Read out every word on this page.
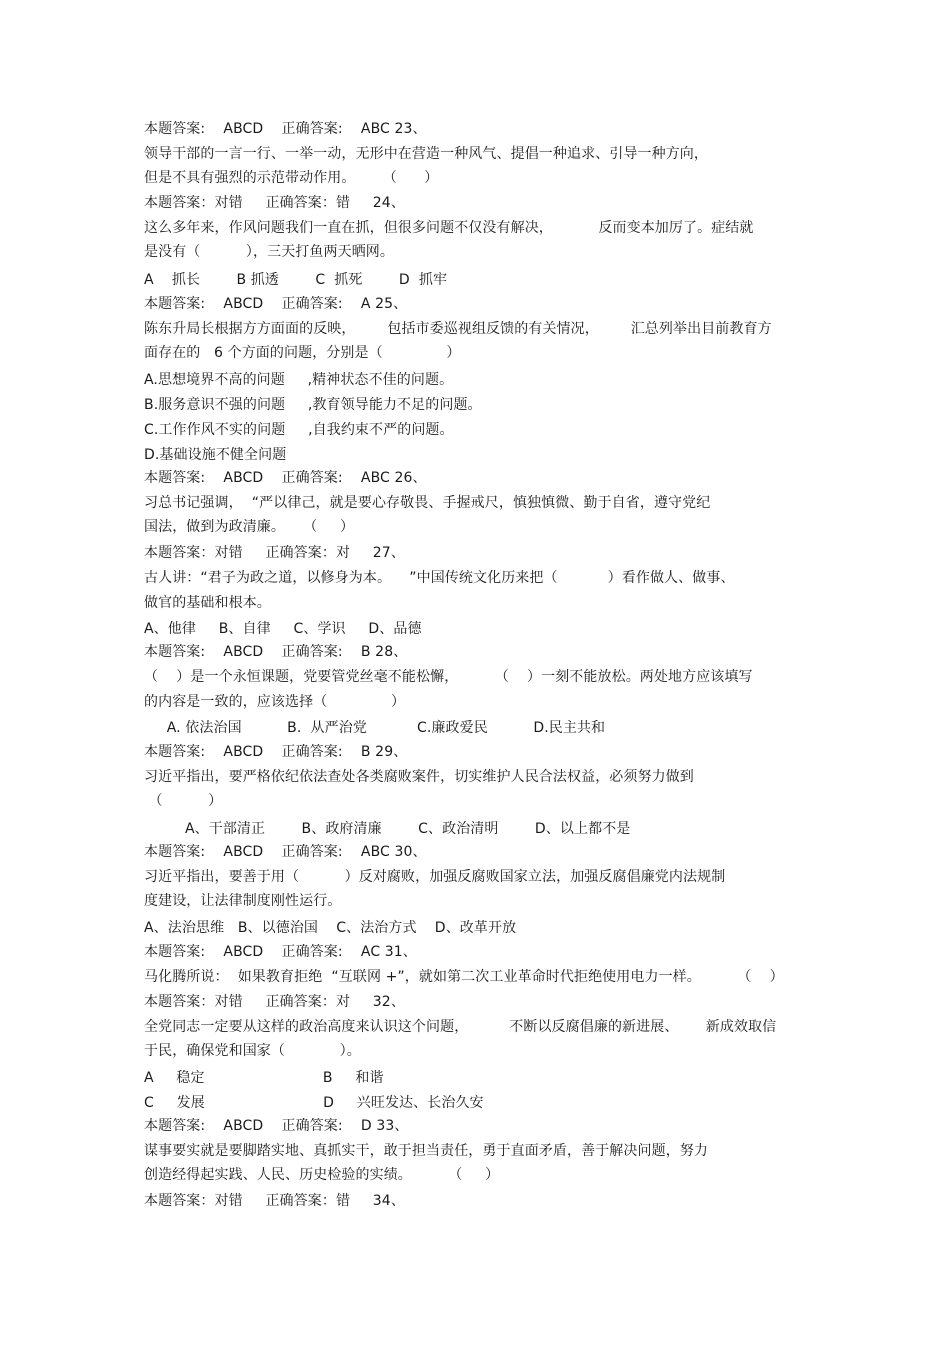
本题答案:    ABCD    正确答案:    ABC 23、
领导干部的一言一行、一举一动，无形中在营造一种风气、提倡一种追求、引导一种方向，
但是不具有强烈的示范带动作用。      （      ）
本题答案：对错     正确答案：错     24、
这么多年来，作风问题我们一直在抓，但很多问题不仅没有解决，          反而变本加厉了。症结就
是没有（          ），三天打鱼两天晒网。
A    抓长        B 抓透        C  抓死        D  抓牢
本题答案:    ABCD    正确答案:    A 25、
陈东升局长根据方方面面的反映，       包括市委巡视组反馈的有关情况，       汇总列举出目前教育方
面存在的   6 个方面的问题，分别是（              ）
A.思想境界不高的问题     ,精神状态不佳的问题。
B.服务意识不强的问题     ,教育领导能力不足的问题。
C.工作作风不实的问题     ,自我约束不严的问题。
D.基础设施不健全问题
本题答案:    ABCD    正确答案:    ABC 26、
习总书记强调，  “严以律己，就是要心存敬畏、手握戒尺，慎独慎微、勤于自省，遵守党纪
国法，做到为政清廉。    （     ）
本题答案：对错     正确答案：对     27、
古人讲：“君子为政之道，以修身为本。    ”中国传统文化历来把（           ）看作做人、做事、
做官的基础和根本。
A、他律     B、自律     C、学识     D、品德
本题答案:    ABCD    正确答案:    B 28、
（    ）是一个永恒课题，党要管党丝毫不能松懈，        （    ）一刻不能放松。两处地方应该填写
的内容是一致的，应该选择（              ）
A. 依法治国          B.  从严治党           C.廉政爱民          D.民主共和
本题答案:    ABCD    正确答案:    B 29、
习近平指出，要严格依纪依法查处各类腐败案件，切实维护人民合法权益，必须努力做到
（          ）
A、干部清正        B、政府清廉        C、政治清明        D、以上都不是
本题答案:    ABCD    正确答案:    ABC 30、
习近平指出，要善于用（          ）反对腐败，加强反腐败国家立法，加强反腐倡廉党内法规制
度建设，让法律制度刚性运行。
A、法治思维   B、以德治国    C、法治方式    D、改革开放
本题答案:    ABCD    正确答案:    AC 31、
马化腾所说：  如果教育拒绝  “互联网 +”，就如第二次工业革命时代拒绝使用电力一样。        （    ）
本题答案：对错     正确答案：对     32、
全党同志一定要从这样的政治高度来认识这个问题，         不断以反腐倡廉的新进展、      新成效取信
于民，确保党和国家（            ）。
A     稳定                          B     和谐
C     发展                          D     兴旺发达、长治久安
本题答案:    ABCD    正确答案:    D 33、
谋事要实就是要脚踏实地、真抓实干，敢于担当责任，勇于直面矛盾，善于解决问题，努力
创造经得起实践、人民、历史检验的实绩。        （     ）
本题答案：对错     正确答案：错     34、
